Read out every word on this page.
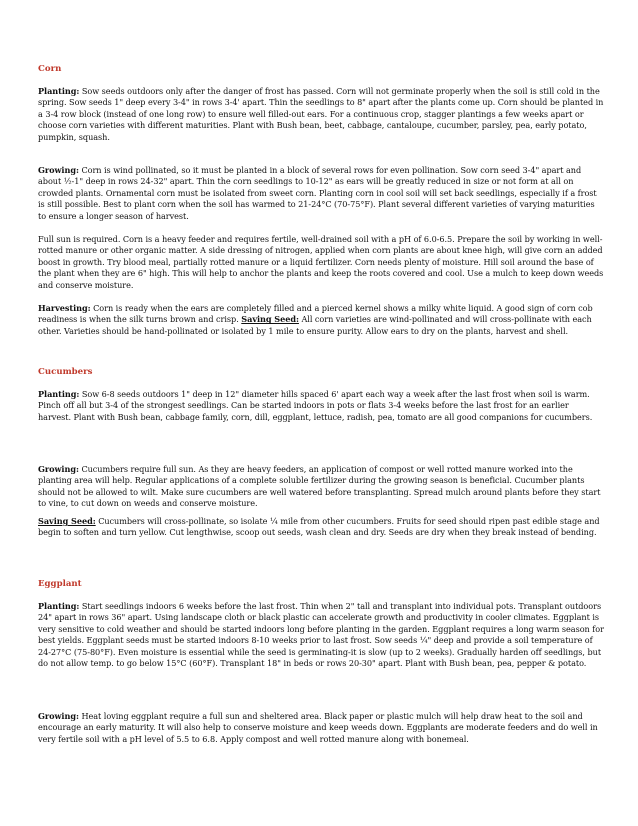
Corn
Planting: Sow seeds outdoors only after the danger of frost has passed. Corn will not germinate properly when the soil is still cold in the spring. Sow seeds 1" deep every 3-4" in rows 3-4' apart. Thin the seedlings to 8" apart after the plants come up. Corn should be planted in a 3-4 row block (instead of one long row) to ensure well filled-out ears. For a continuous crop, stagger plantings a few weeks apart or choose corn varieties with different maturities. Plant with Bush bean, beet, cabbage, cantaloupe, cucumber, parsley, pea, early potato, pumpkin, squash.
Growing: Corn is wind pollinated, so it must be planted in a block of several rows for even pollination. Sow corn seed 3-4" apart and about ½-1" deep in rows 24-32" apart. Thin the corn seedlings to 10-12" as ears will be greatly reduced in size or not form at all on crowded plants. Ornamental corn must be isolated from sweet corn. Planting corn in cool soil will set back seedlings, especially if a frost is still possible. Best to plant corn when the soil has warmed to 21-24°C (70-75°F). Plant several different varieties of varying maturities to ensure a longer season of harvest.
Full sun is required. Corn is a heavy feeder and requires fertile, well-drained soil with a pH of 6.0-6.5. Prepare the soil by working in well-rotted manure or other organic matter. A side dressing of nitrogen, applied when corn plants are about knee high, will give corn an added boost in growth. Try blood meal, partially rotted manure or a liquid fertilizer. Corn needs plenty of moisture. Hill soil around the base of the plant when they are 6" high. This will help to anchor the plants and keep the roots covered and cool. Use a mulch to keep down weeds and conserve moisture.
Harvesting: Corn is ready when the ears are completely filled and a pierced kernel shows a milky white liquid. A good sign of corn cob readiness is when the silk turns brown and crisp. Saving Seed: All corn varieties are wind-pollinated and will cross-pollinate with each other. Varieties should be hand-pollinated or isolated by 1 mile to ensure purity. Allow ears to dry on the plants, harvest and shell.
Cucumbers
Planting: Sow 6-8 seeds outdoors 1" deep in 12" diameter hills spaced 6' apart each way a week after the last frost when soil is warm. Pinch off all but 3-4 of the strongest seedlings. Can be started indoors in pots or flats 3-4 weeks before the last frost for an earlier harvest. Plant with Bush bean, cabbage family, corn, dill, eggplant, lettuce, radish, pea, tomato are all good companions for cucumbers.
Growing: Cucumbers require full sun. As they are heavy feeders, an application of compost or well rotted manure worked into the planting area will help. Regular applications of a complete soluble fertilizer during the growing season is beneficial. Cucumber plants should not be allowed to wilt. Make sure cucumbers are well watered before transplanting. Spread mulch around plants before they start to vine, to cut down on weeds and conserve moisture.
Saving Seed: Cucumbers will cross-pollinate, so isolate ¼ mile from other cucumbers. Fruits for seed should ripen past edible stage and begin to soften and turn yellow. Cut lengthwise, scoop out seeds, wash clean and dry. Seeds are dry when they break instead of bending.
Eggplant
Planting: Start seedlings indoors 6 weeks before the last frost. Thin when 2" tall and transplant into individual pots. Transplant outdoors 24" apart in rows 36" apart. Using landscape cloth or black plastic can accelerate growth and productivity in cooler climates. Eggplant is very sensitive to cold weather and should be started indoors long before planting in the garden. Eggplant requires a long warm season for best yields. Eggplant seeds must be started indoors 8-10 weeks prior to last frost. Sow seeds ¼" deep and provide a soil temperature of 24-27°C (75-80°F). Even moisture is essential while the seed is germinating-it is slow (up to 2 weeks). Gradually harden off seedlings, but do not allow temp. to go below 15°C (60°F). Transplant 18" in beds or rows 20-30" apart. Plant with Bush bean, pea, pepper & potato.
Growing: Heat loving eggplant require a full sun and sheltered area. Black paper or plastic mulch will help draw heat to the soil and encourage an early maturity. It will also help to conserve moisture and keep weeds down. Eggplants are moderate feeders and do well in very fertile soil with a pH level of 5.5 to 6.8. Apply compost and well rotted manure along with bonemeal.
